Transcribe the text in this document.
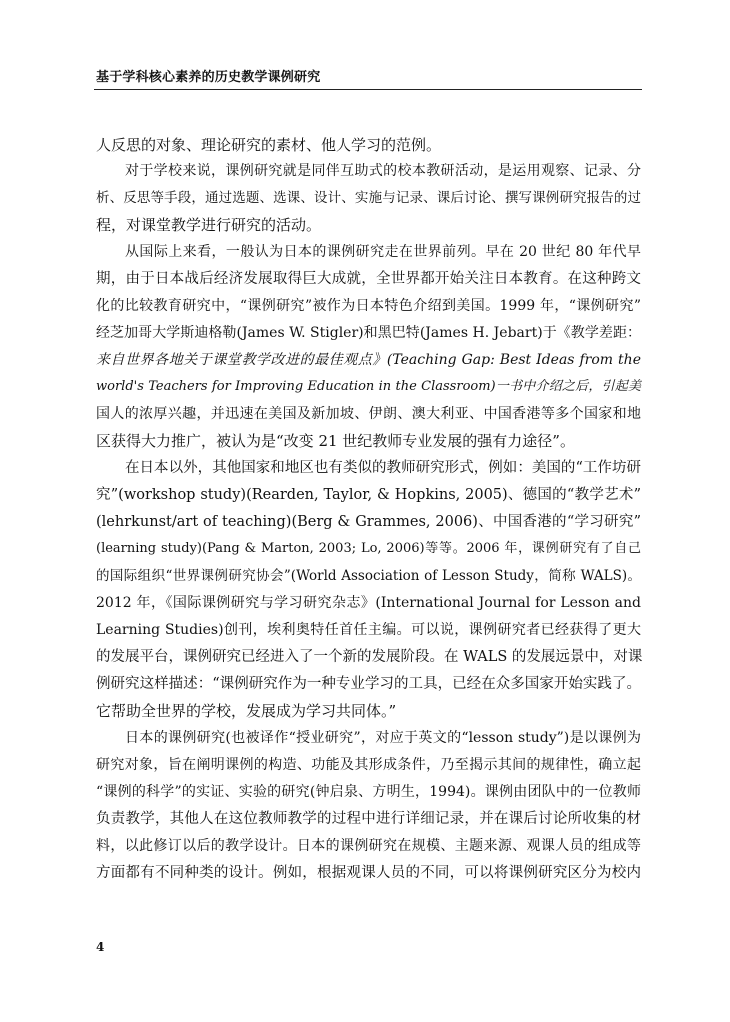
基于学科核心素养的历史教学课例研究
人反思的对象、理论研究的素材、他人学习的范例。
对于学校来说，课例研究就是同伴互助式的校本教研活动，是运用观察、记录、分
析、反思等手段，通过选题、选课、设计、实施与记录、课后讨论、撰写课例研究报告的过
程，对课堂教学进行研究的活动。
从国际上来看，一般认为日本的课例研究走在世界前列。早在 20 世纪 80 年代早
期，由于日本战后经济发展取得巨大成就，全世界都开始关注日本教育。在这种跨文
化的比较教育研究中，“课例研究”被作为日本特色介绍到美国。1999 年，“课例研究”
经芝加哥大学斯迪格勒(James W. Stigler)和黑巴特(James H. Jebart)于《教学差距：
来自世界各地关于课堂教学改进的最佳观点》(Teaching Gap: Best Ideas from the
world's Teachers for Improving Education in the Classroom)一书中介绍之后，引起美
国人的浓厚兴趣，并迅速在美国及新加坡、伊朗、澳大利亚、中国香港等多个国家和地
区获得大力推广，被认为是“改变 21 世纪教师专业发展的强有力途径”。
在日本以外，其他国家和地区也有类似的教师研究形式，例如：美国的“工作坊研
究”(workshop study)(Rearden, Taylor, & Hopkins, 2005)、德国的“教学艺术”
(lehrkunst/art of teaching)(Berg & Grammes, 2006)、中国香港的“学习研究”
(learning study)(Pang & Marton, 2003; Lo, 2006)等等。2006 年，课例研究有了自己
的国际组织“世界课例研究协会”(World Association of Lesson Study，简称 WALS)。
2012 年，《国际课例研究与学习研究杂志》(International Journal for Lesson and
Learning Studies)创刊，埃利奥特任首任主编。可以说，课例研究者已经获得了更大
的发展平台，课例研究已经进入了一个新的发展阶段。在 WALS 的发展远景中，对课
例研究这样描述：“课例研究作为一种专业学习的工具，已经在众多国家开始实践了。
它帮助全世界的学校，发展成为学习共同体。”
日本的课例研究(也被译作“授业研究”，对应于英文的“lesson study”)是以课例为
研究对象，旨在阐明课例的构造、功能及其形成条件，乃至揭示其间的规律性，确立起
“课例的科学”的实证、实验的研究(钟启泉、方明生，1994)。课例由团队中的一位教师
负责教学，其他人在这位教师教学的过程中进行详细记录，并在课后讨论所收集的材
料，以此修订以后的教学设计。日本的课例研究在规模、主题来源、观课人员的组成等
方面都有不同种类的设计。例如，根据观课人员的不同，可以将课例研究区分为校内
4
